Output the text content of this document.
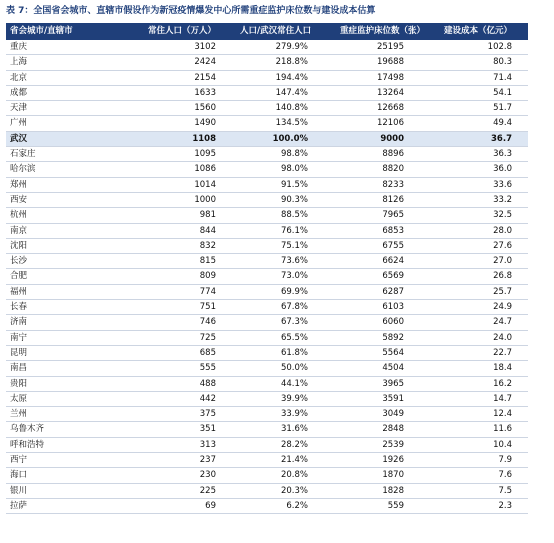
表 7：全国省会城市、直辖市假设作为新冠疫情爆发中心所需重症监护床位数与建设成本估算
省会城市/直辖市	常住人口（万人）	人口/武汉常住人口	重症监护床位数（张）	建设成本（亿元）
重庆	3102	279.9%	25195	102.8
上海	2424	218.8%	19688	80.3
北京	2154	194.4%	17498	71.4
成都	1633	147.4%	13264	54.1
天津	1560	140.8%	12668	51.7
广州	1490	134.5%	12106	49.4
武汉	1108	100.0%	9000	36.7
石家庄	1095	98.8%	8896	36.3
哈尔滨	1086	98.0%	8820	36.0
郑州	1014	91.5%	8233	33.6
西安	1000	90.3%	8126	33.2
杭州	981	88.5%	7965	32.5
南京	844	76.1%	6853	28.0
沈阳	832	75.1%	6755	27.6
长沙	815	73.6%	6624	27.0
合肥	809	73.0%	6569	26.8
福州	774	69.9%	6287	25.7
长春	751	67.8%	6103	24.9
济南	746	67.3%	6060	24.7
南宁	725	65.5%	5892	24.0
昆明	685	61.8%	5564	22.7
南昌	555	50.0%	4504	18.4
贵阳	488	44.1%	3965	16.2
太原	442	39.9%	3591	14.7
兰州	375	33.9%	3049	12.4
乌鲁木齐	351	31.6%	2848	11.6
呼和浩特	313	28.2%	2539	10.4
西宁	237	21.4%	1926	7.9
海口	230	20.8%	1870	7.6
银川	225	20.3%	1828	7.5
拉萨	69	6.2%	559	2.3
